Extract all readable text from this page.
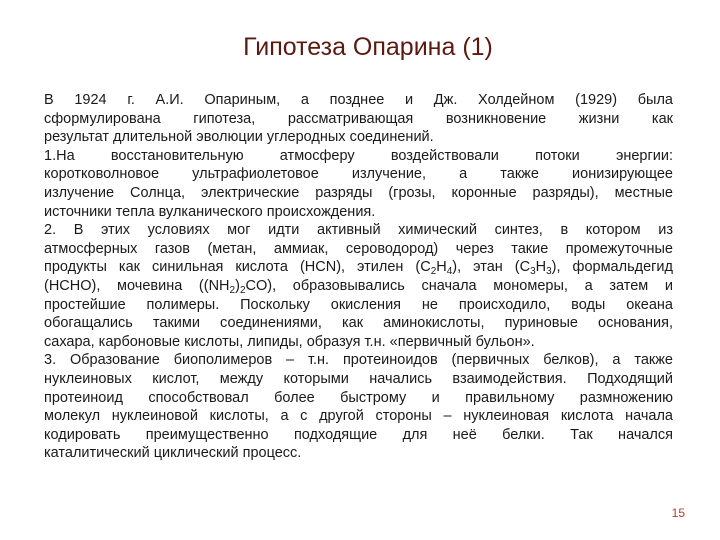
Гипотеза Опарина (1)
В 1924 г. А.И. Опариным, а позднее и Дж. Холдейном (1929) была
сформулирована гипотеза, рассматривающая возникновение жизни как
результат длительной эволюции углеродных соединений.
1.На восстановительную атмосферу воздействовали потоки энергии:
коротковолновое ультрафиолетовое излучение, а также ионизирующее
излучение Солнца, электрические разряды (грозы, коронные разряды), местные
источники тепла вулканического происхождения.
2. В этих условиях мог идти активный химический синтез, в котором из
атмосферных газов (метан, аммиак, сероводород) через такие промежуточные
продукты как синильная кислота (HCN), этилен $(C_2H_4)$, этан $(C_3H_3)$, формальдегид
(HCHO), мочевина $((NH_2)_2CO)$, образовывались сначала мономеры, а затем и
простейшие полимеры. Поскольку окисления не происходило, воды океана
обогащались такими соединениями, как аминокислоты, пуриновые основания,
сахара, карбоновые кислоты, липиды, образуя т.н. «первичный бульон».
3. Образование биополимеров – т.н. протеиноидов (первичных белков), а также
нуклеиновых кислот, между которыми начались взаимодействия. Подходящий
протеиноид способствовал более быстрому и правильному размножению
молекул нуклеиновой кислоты, а с другой стороны – нуклеиновая кислота начала
кодировать преимущественно подходящие для неё белки. Так начался
каталитический циклический процесс.
15
